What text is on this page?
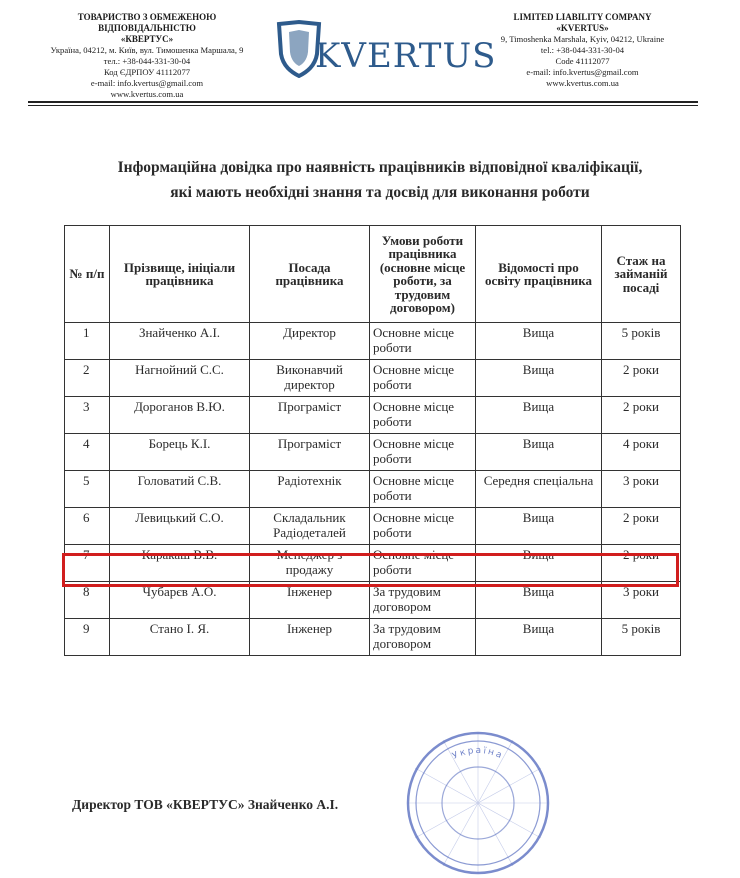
ТОВАРИСТВО З ОБМЕЖЕНОЮ
ВІДПОВІДАЛЬНІСТЮ
«КВЕРТУС»
Україна, 04212, м. Київ, вул. Тимошенка Маршала, 9
тел.: +38-044-331-30-04
Код ЄДРПОУ 41112077
e-mail: info.kvertus@gmail.com
www.kvertus.com.ua
KVERTUS
LIMITED LIABILITY COMPANY
«KVERTUS»
9, Timoshenka Marshala, Kyiv, 04212, Ukraine
tel.: +38-044-331-30-04
Code 41112077
e-mail: info.kvertus@gmail.com
www.kvertus.com.ua
Інформаційна довідка про наявність працівників відповідної кваліфікації,
які мають необхідні знання та досвід для виконання роботи
№ п/п	Прізвище, ініціали працівника	Посада працівника	Умови роботи працівника (основне місце роботи, за трудовим договором)	Відомості про освіту працівника	Стаж на займаній посаді
1	Знайченко А.І.	Директор	Основне місце роботи	Вища	5 років
2	Нагнойний С.С.	Виконавчий директор	Основне місце роботи	Вища	2 роки
3	Дороганов В.Ю.	Програміст	Основне місце роботи	Вища	2 роки
4	Борець К.І.	Програміст	Основне місце роботи	Вища	4 роки
5	Головатий С.В.	Радіотехнік	Основне місце роботи	Середня спеціальна	3 роки
6	Левицький С.О.	Складальник Радіодеталей	Основне місце роботи	Вища	2 роки
7	Каракаш В.В.	Менеджер з продажу	Основне місце роботи	Вища	2 роки
8	Чубарєв А.О.	Інженер	За трудовим договором	Вища	3 роки
9	Стано І. Я.	Інженер	За трудовим договором	Вища	5 років
Україна
Директор ТОВ «КВЕРТУС» Знайченко А.І.
